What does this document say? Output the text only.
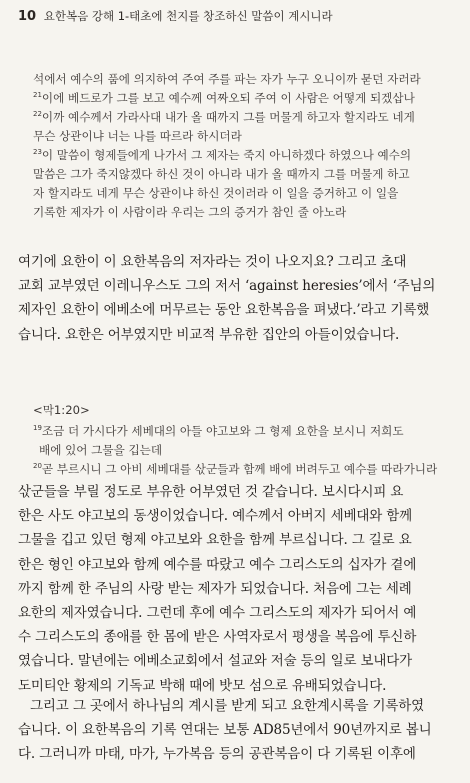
10 요한복음 강해 1-태초에 천지를 창조하신 말씀이 계시니라

석에서 예수의 품에 의지하여 주여 주를 파는 자가 누구 오니이까 묻던 자러라

$^{21}$이에 베드로가 그를 보고 예수께 여짜오되 주여 이 사람은 어떻게 되겠삽나

$^{22}$이까 예수께서 가라사대 내가 올 때까지 그를 머물게 하고자 할지라도 네게

무슨 상관이냐 너는 나를 따르라 하시더라

$^{23}$이 말씀이 형제들에게 나가서 그 제자는 죽지 아니하겠다 하였으나 예수의

말씀은 그가 죽지않겠다 하신 것이 아니라 내가 올 때까지 그를 머물게 하고

자 할지라도 네게 무슨 상관이냐 하신 것이러라 이 일을 증거하고 이 일을

기록한 제자가 이 사람이라 우리는 그의 증거가 참인 줄 아노라

여기에 요한이 이 요한복음의 저자라는 것이 나오지요? 그리고 초대

교회 교부였던 이레니우스도 그의 저서 ‘against heresies’에서 ‘주님의

제자인 요한이 에베소에 머무르는 동안 요한복음을 펴냈다.’라고 기록했

습니다. 요한은 어부였지만 비교적 부유한 집안의 아들이었습니다.

<막1:20>

$^{19}$조금 더 가시다가 세베대의 아들 야고보와 그 형제 요한을 보시니 저희도

배에 있어 그물을 깁는데

$^{20}$곧 부르시니 그 아비 세베대를 삯군들과 함께 배에 버려두고 예수를 따라가니라

삯군들을 부릴 정도로 부유한 어부였던 것 같습니다. 보시다시피 요

한은 사도 야고보의 동생이었습니다. 예수께서 아버지 세베대와 함께

그물을 깁고 있던 형제 야고보와 요한을 함께 부르십니다. 그 길로 요

한은 형인 야고보와 함께 예수를 따랐고 예수 그리스도의 십자가 곁에

까지 함께 한 주님의 사랑 받는 제자가 되었습니다. 처음에 그는 세례

요한의 제자였습니다. 그런데 후에 예수 그리스도의 제자가 되어서 예

수 그리스도의 종애를 한 몸에 받은 사역자로서 평생을 복음에 투신하

였습니다. 말년에는 에베소교회에서 설교와 저술 등의 일로 보내다가

도미티안 황제의 기독교 박해 때에 밧모 섬으로 유배되었습니다.

그리고 그 곳에서 하나님의 계시를 받게 되고 요한계시록을 기록하였

습니다. 이 요한복음의 기록 연대는 보통 AD85년에서 90년까지로 봅니

다. 그러니까 마태, 마가, 누가복음 등의 공관복음이 다 기록된 이후에
